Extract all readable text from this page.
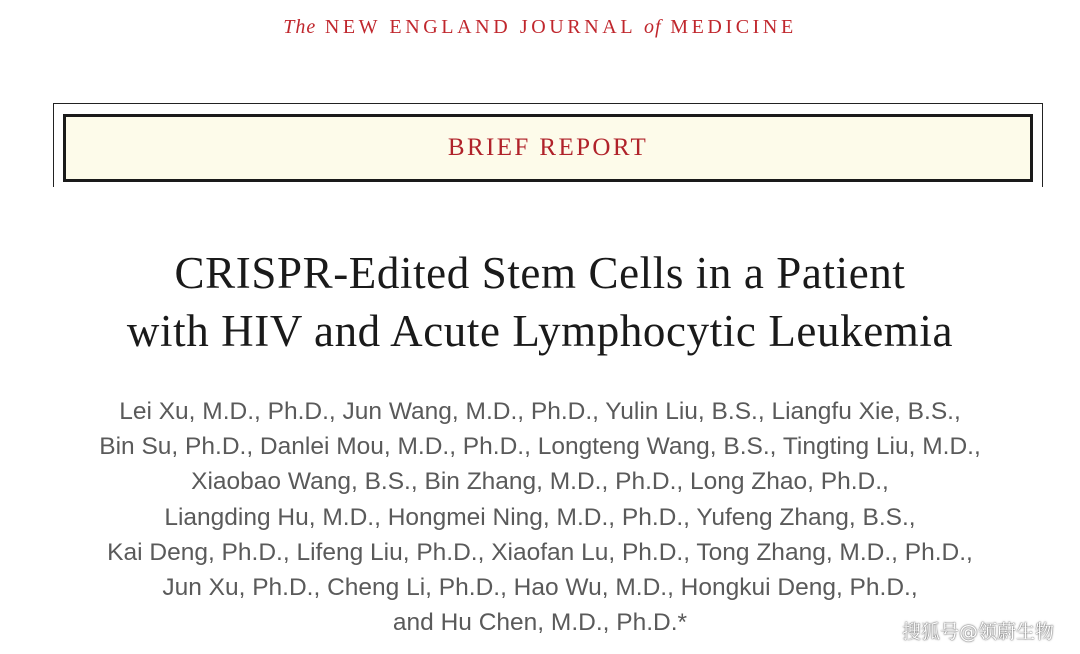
The NEW ENGLAND JOURNAL of MEDICINE
BRIEF REPORT
CRISPR-Edited Stem Cells in a Patient
with HIV and Acute Lymphocytic Leukemia
Lei Xu, M.D., Ph.D., Jun Wang, M.D., Ph.D., Yulin Liu, B.S., Liangfu Xie, B.S.,
Bin Su, Ph.D., Danlei Mou, M.D., Ph.D., Longteng Wang, B.S., Tingting Liu, M.D.,
Xiaobao Wang, B.S., Bin Zhang, M.D., Ph.D., Long Zhao, Ph.D.,
Liangding Hu, M.D., Hongmei Ning, M.D., Ph.D., Yufeng Zhang, B.S.,
Kai Deng, Ph.D., Lifeng Liu, Ph.D., Xiaofan Lu, Ph.D., Tong Zhang, M.D., Ph.D.,
Jun Xu, Ph.D., Cheng Li, Ph.D., Hao Wu, M.D., Hongkui Deng, Ph.D.,
and Hu Chen, M.D., Ph.D.*	搜狐号@领蔚生物
